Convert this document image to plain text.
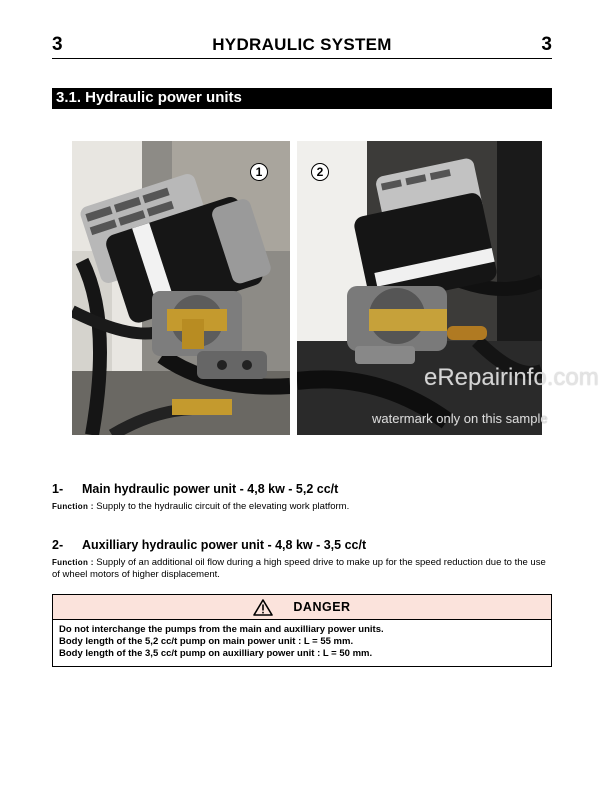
3	HYDRAULIC SYSTEM	3
3.1. Hydraulic power units
1	2
eRepairinfo.com
watermark only on this sample
1- Main hydraulic power unit - 4,8 kw - 5,2 cc/t
Function : Supply to the hydraulic circuit of the elevating work platform.
2- Auxilliary hydraulic power unit - 4,8 kw - 3,5 cc/t
Function : Supply of an additional oil flow during a high speed drive to make up for the speed reduction due to the use of wheel motors of higher displacement.
DANGER
Do not interchange the pumps from the main and auxilliary power units.
Body length of the 5,2 cc/t pump on main power unit : L = 55 mm.
Body length of the 3,5 cc/t pump on auxilliary power unit : L = 50 mm.
